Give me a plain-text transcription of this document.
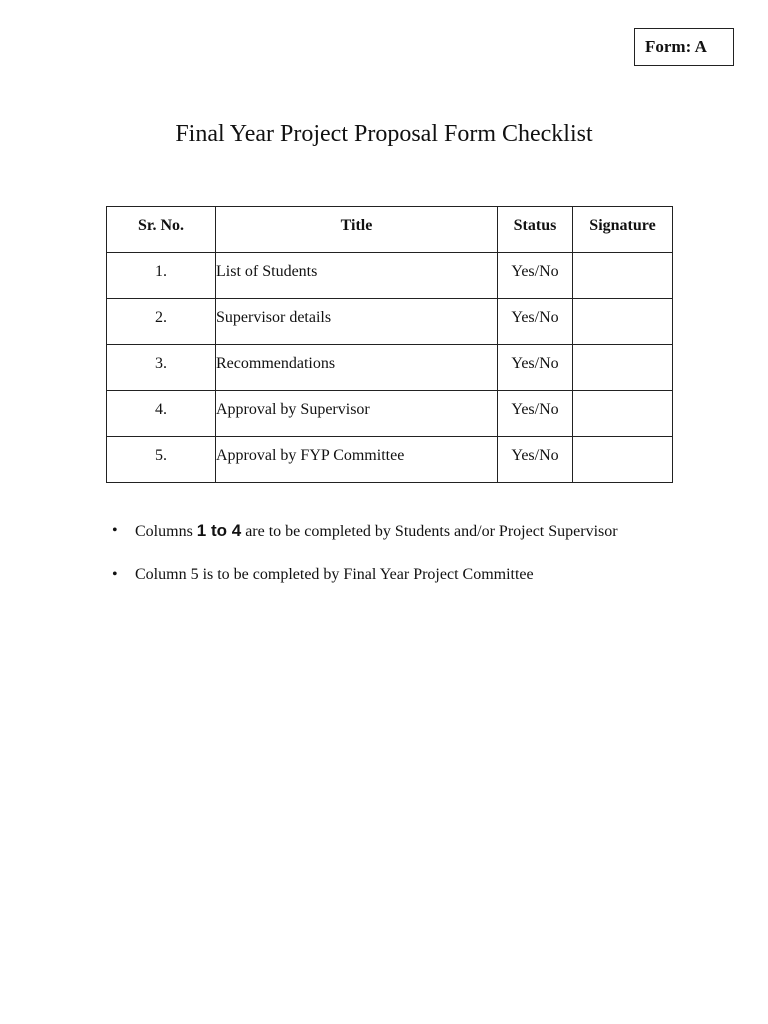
Form: A
Final Year Project Proposal Form Checklist
Sr. No.	Title	Status	Signature
1.	List of Students	Yes/No	
2.	Supervisor details	Yes/No	
3.	Recommendations	Yes/No	
4.	Approval by Supervisor	Yes/No	
5.	Approval by FYP Committee	Yes/No	
• Columns 1 to 4 are to be completed by Students and/or Project Supervisor
• Column 5 is to be completed by Final Year Project Committee
